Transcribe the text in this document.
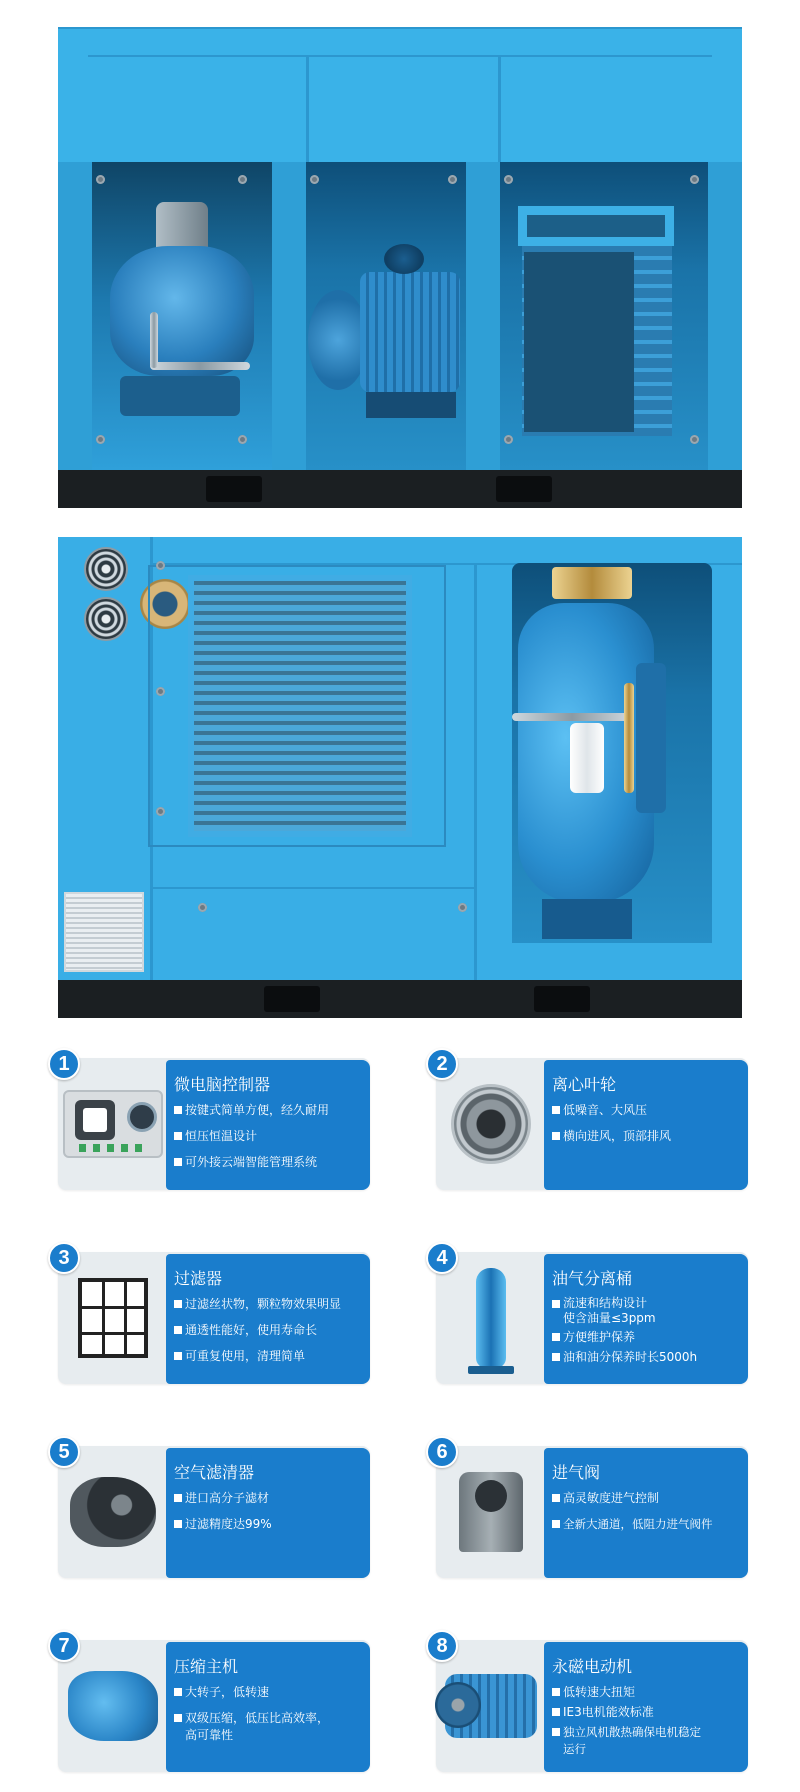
微电脑控制器
按键式简单方便，经久耐用
恒压恒温设计
可外接云端智能管理系统
1
离心叶轮
低噪音、大风压
横向进风，顶部排风
2
过滤器
过滤丝状物，颗粒物效果明显
通透性能好，使用寿命长
可重复使用，清理简单
3
油气分离桶
流速和结构设计
使含油量≤3ppm
方便维护保养
油和油分保养时长5000h
4
空气滤清器
进口高分子滤材
过滤精度达99%
5
进气阀
高灵敏度进气控制
全新大通道，低阻力进气阀件
6
压缩主机
大转子，低转速
双级压缩，低压比高效率，
高可靠性
7
永磁电动机
低转速大扭矩
IE3电机能效标准
独立风机散热确保电机稳定
运行
8
